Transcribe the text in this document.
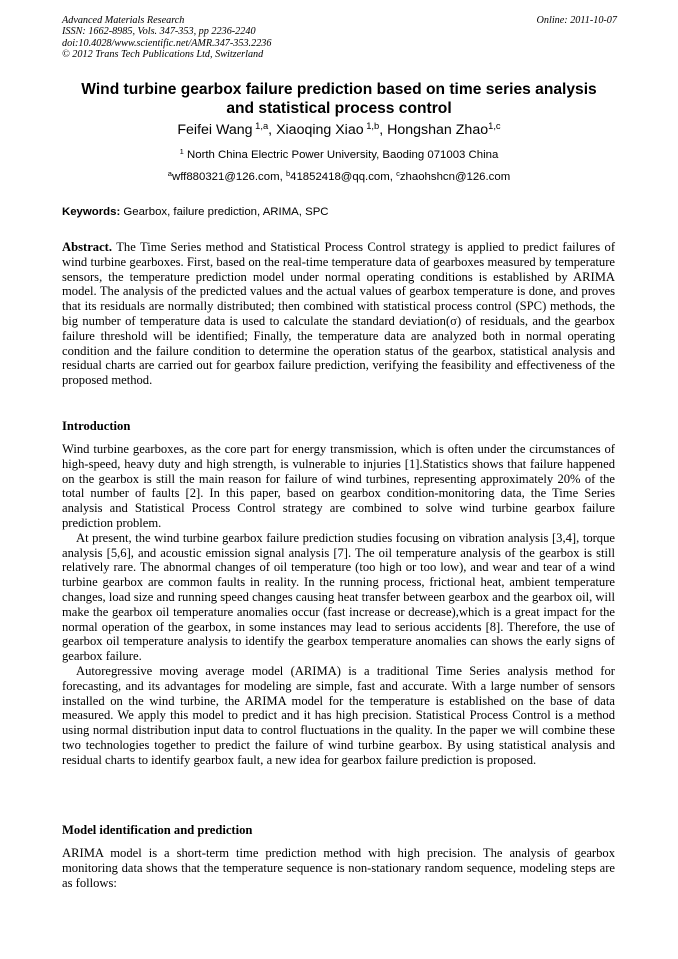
Advanced Materials Research
ISSN: 1662-8985, Vols. 347-353, pp 2236-2240
doi:10.4028/www.scientific.net/AMR.347-353.2236
© 2012 Trans Tech Publications Ltd, Switzerland
Online: 2011-10-07
Wind turbine gearbox failure prediction based on time series analysis
and statistical process control
Feifei Wang $^{1,a}$, Xiaoqing Xiao $^{1,b}$, Hongshan Zhao$^{1,c}$
$^1$ North China Electric Power University, Baoding 071003 China
$^a$wff880321@126.com, $^b$41852418@qq.com, $^c$zhaohshcn@126.com
Keywords: Gearbox, failure prediction, ARIMA, SPC
Abstract. The Time Series method and Statistical Process Control strategy is applied to predict failures of wind turbine gearboxes. First, based on the real-time temperature data of gearboxes measured by temperature sensors, the temperature prediction model under normal operating conditions is established by ARIMA model. The analysis of the predicted values and the actual values of gearbox temperature is done, and proves that its residuals are normally distributed; then combined with statistical process control (SPC) methods, the big number of temperature data is used to calculate the standard deviation(σ) of residuals, and the gearbox failure threshold will be identified; Finally, the temperature data are analyzed both in normal operating condition and the failure condition to determine the operation status of the gearbox, statistical analysis and residual charts are carried out for gearbox failure prediction, verifying the feasibility and effectiveness of the proposed method.
Introduction
Wind turbine gearboxes, as the core part for energy transmission, which is often under the circumstances of high-speed, heavy duty and high strength, is vulnerable to injuries [1].Statistics shows that failure happened on the gearbox is still the main reason for failure of wind turbines, representing approximately 20% of the total number of faults [2]. In this paper, based on gearbox condition-monitoring data, the Time Series analysis and Statistical Process Control strategy are combined to solve wind turbine gearbox failure prediction problem.
At present, the wind turbine gearbox failure prediction studies focusing on vibration analysis [3,4], torque analysis [5,6], and acoustic emission signal analysis [7]. The oil temperature analysis of the gearbox is still relatively rare. The abnormal changes of oil temperature (too high or too low), and wear and tear of a wind turbine gearbox are common faults in reality. In the running process, frictional heat, ambient temperature changes, load size and running speed changes causing heat transfer between gearbox and the gearbox oil, will make the gearbox oil temperature anomalies occur (fast increase or decrease),which is a great impact for the normal operation of the gearbox, in some instances may lead to serious accidents [8]. Therefore, the use of gearbox oil temperature analysis to identify the gearbox temperature anomalies can shows the early signs of gearbox failure.
Autoregressive moving average model (ARIMA) is a traditional Time Series analysis method for forecasting, and its advantages for modeling are simple, fast and accurate. With a large number of sensors installed on the wind turbine, the ARIMA model for the temperature is established on the base of data measured. We apply this model to predict and it has high precision. Statistical Process Control is a method using normal distribution input data to control fluctuations in the quality. In the paper we will combine these two technologies together to predict the failure of wind turbine gearbox. By using statistical analysis and residual charts to identify gearbox fault, a new idea for gearbox failure prediction is proposed.
Model identification and prediction
ARIMA model is a short-term time prediction method with high precision. The analysis of gearbox monitoring data shows that the temperature sequence is non-stationary random sequence, modeling steps are as follows:
